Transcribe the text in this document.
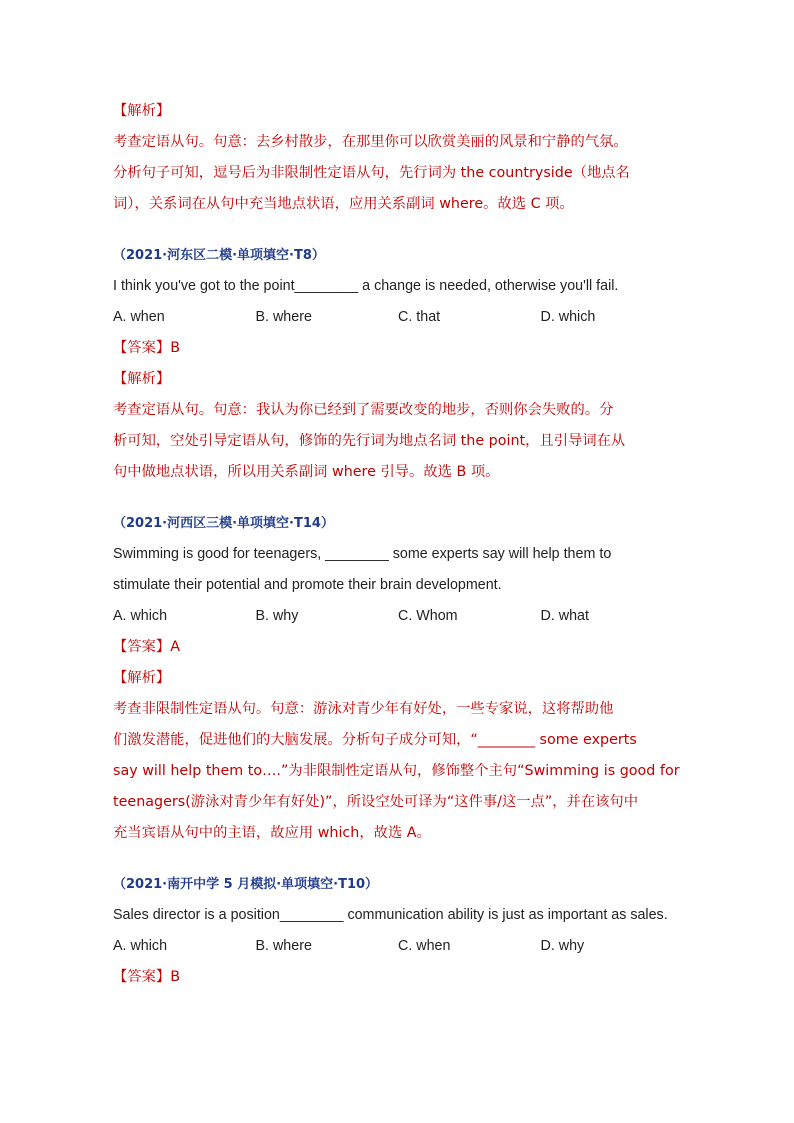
【解析】
考查定语从句。句意：去乡村散步，在那里你可以欣赏美丽的风景和宁静的气氛。
分析句子可知，逗号后为非限制性定语从句，先行词为 the countryside（地点名
词），关系词在从句中充当地点状语，应用关系副词 where。故选 C 项。
（2021·河东区二模·单项填空·T8）
I think you've got to the point________ a change is needed, otherwise you'll fail.
A. when	B. where	C. that	D. which
【答案】B
【解析】
考查定语从句。句意：我认为你已经到了需要改变的地步，否则你会失败的。分
析可知，空处引导定语从句，修饰的先行词为地点名词 the point，且引导词在从
句中做地点状语，所以用关系副词 where 引导。故选 B 项。
（2021·河西区三模·单项填空·T14）
Swimming is good for teenagers, ________ some experts say will help them to
stimulate their potential and promote their brain development.
A. which	B. why	C. Whom	D. what
【答案】A
【解析】
考查非限制性定语从句。句意：游泳对青少年有好处，一些专家说，这将帮助他
们激发潜能，促进他们的大脑发展。分析句子成分可知，“________ some experts
say will help them to….”为非限制性定语从句，修饰整个主句“Swimming is good for
teenagers(游泳对青少年有好处)”，所设空处可译为“这件事/这一点”，并在该句中
充当宾语从句中的主语，故应用 which，故选 A。
（2021·南开中学 5 月模拟·单项填空·T10）
Sales director is a position________ communication ability is just as important as sales.
A. which	B. where	C. when	D. why
【答案】B
